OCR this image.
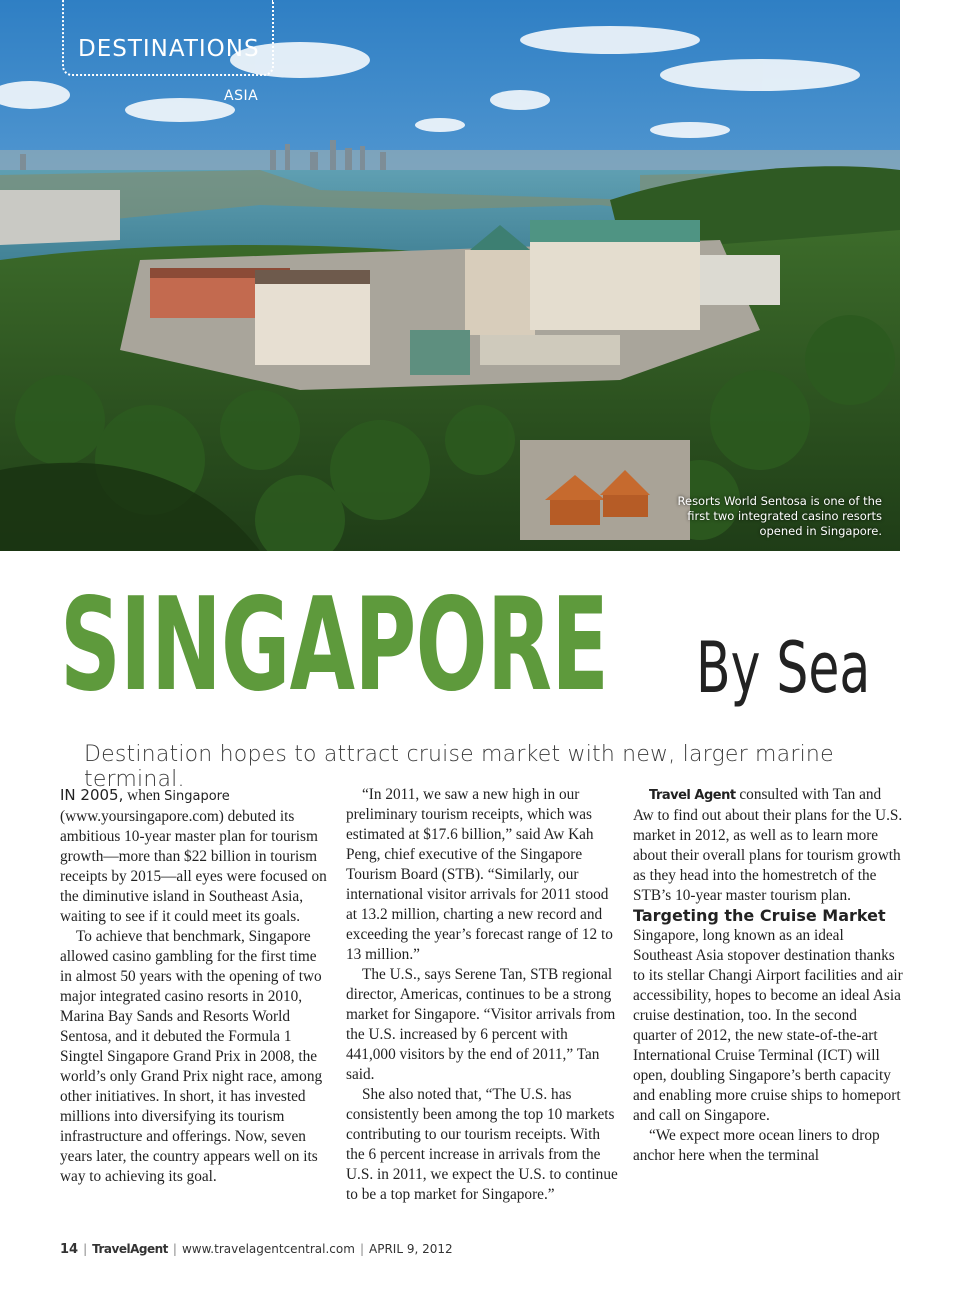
DESTINATIONS
ASIA
Resorts World Sentosa is one of the first two integrated casino resorts opened in Singapore.
SINGAPORE By Sea
Destination hopes to attract cruise market with new, larger marine terminal.

IN 2005, when Singapore (www.yoursingapore.com) debuted its ambitious 10-year master plan for tourism growth—more than $22 billion in tourism receipts by 2015—all eyes were focused on the diminutive island in Southeast Asia, waiting to see if it could meet its goals.

To achieve that benchmark, Singapore allowed casino gambling for the first time in almost 50 years with the opening of two major integrated casino resorts in 2010, Marina Bay Sands and Resorts World Sentosa, and it debuted the Formula 1 Singtel Singapore Grand Prix in 2008, the world’s only Grand Prix night race, among other initiatives. In short, it has invested millions into diversifying its tourism infrastructure and offerings. Now, seven years later, the country appears well on its way to achieving its goal.

“In 2011, we saw a new high in our preliminary tourism receipts, which was estimated at $17.6 billion,” said Aw Kah Peng, chief executive of the Singapore Tourism Board (STB). “Similarly, our international visitor arrivals for 2011 stood at 13.2 million, charting a new record and exceeding the year’s forecast range of 12 to 13 million.”

The U.S., says Serene Tan, STB regional director, Americas, continues to be a strong market for Singapore. “Visitor arrivals from the U.S. increased by 6 percent with 441,000 visitors by the end of 2011,” Tan said.

She also noted that, “The U.S. has consistently been among the top 10 markets contributing to our tourism receipts. With the 6 percent increase in arrivals from the U.S. in 2011, we expect the U.S. to continue to be a top market for Singapore.”

Travel Agent consulted with Tan and Aw to find out about their plans for the U.S. market in 2012, as well as to learn more about their overall plans for tourism growth as they head into the homestretch of the STB’s 10-year master tourism plan.

Targeting the Cruise Market

Singapore, long known as an ideal Southeast Asia stopover destination thanks to its stellar Changi Airport facilities and air accessibility, hopes to become an ideal Asia cruise destination, too. In the second quarter of 2012, the new state-of-the-art International Cruise Terminal (ICT) will open, doubling Singapore’s berth capacity and enabling more cruise ships to homeport and call on Singapore.

“We expect more ocean liners to drop anchor here when the terminal

14 | TravelAgent | www.travelagentcentral.com | APRIL 9, 2012
